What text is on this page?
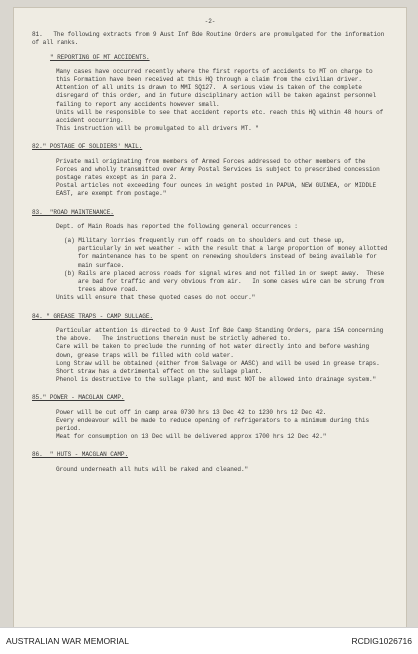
-2-

81.   The following extracts from 9 Aust Inf Bde Routine Orders are promulgated for the information of all ranks.

" REPORTING OF MT ACCIDENTS.

Many cases have occurred recently where the first reports of accidents to MT on charge to this Formation have been received at this HQ through a claim from the civilian driver.

Attention of all units is drawn to MMI SQ127.  A serious view is taken of the complete disregard of this order, and in future disciplinary action will be taken against personnel failing to report any accidents however small.

Units will be responsible to see that accident reports etc. reach this HQ within 48 hours of accident occurring.

This instruction will be promulgated to all drivers MT. "

82." POSTAGE OF SOLDIERS' MAIL.

Private mail originating from members of Armed Forces addressed to other members of the Forces and wholly transmitted over Army Postal Services is subject to prescribed concession postage rates except as in para 2.

Postal articles not exceeding four ounces in weight posted in PAPUA, NEW GUINEA, or MIDDLE EAST, are exempt from postage."

83.  "ROAD MAINTENANCE.

Dept. of Main Roads has reported the following general occurrences :

(a) Military lorries frequently run off roads on to shoulders and cut these up, particularly in wet weather - with the result that a large proportion of money allotted for maintenance has to be spent on renewing shoulders instead of being available for main surface.

(b) Rails are placed across roads for signal wires and not filled in or swept away.  These are bad for traffic and very obvious from air.   In some cases wire can be strung from trees above road.

Units will ensure that these quoted cases do not occur."

84. " GREASE TRAPS - CAMP SULLAGE.

Particular attention is directed to 9 Aust Inf Bde Camp Standing Orders, para 15A concerning the above.   The instructions therein must be strictly adhered to.

Care will be taken to preclude the running of hot water directly into and before washing down, grease traps will be filled with cold water.

Long Straw will be obtained (either from Salvage or AASC) and will be used in grease traps.  Short straw has a detrimental effect on the sullage plant.

Phenol is destructive to the sullage plant, and must NOT be allowed into drainage system."

85." POWER - MACGLAN CAMP.

Power will be cut off in camp area 0730 hrs 13 Dec 42 to 1230 hrs 12 Dec 42.

Every endeavour will be made to reduce opening of refrigerators to a minimum during this period.

Meat for consumption on 13 Dec will be delivered approx 1700 hrs 12 Dec 42."

86.  " HUTS - MACGLAN CAMP.

Ground underneath all huts will be raked and cleaned."

AUSTRALIAN WAR MEMORIAL	RCDIG1026716
